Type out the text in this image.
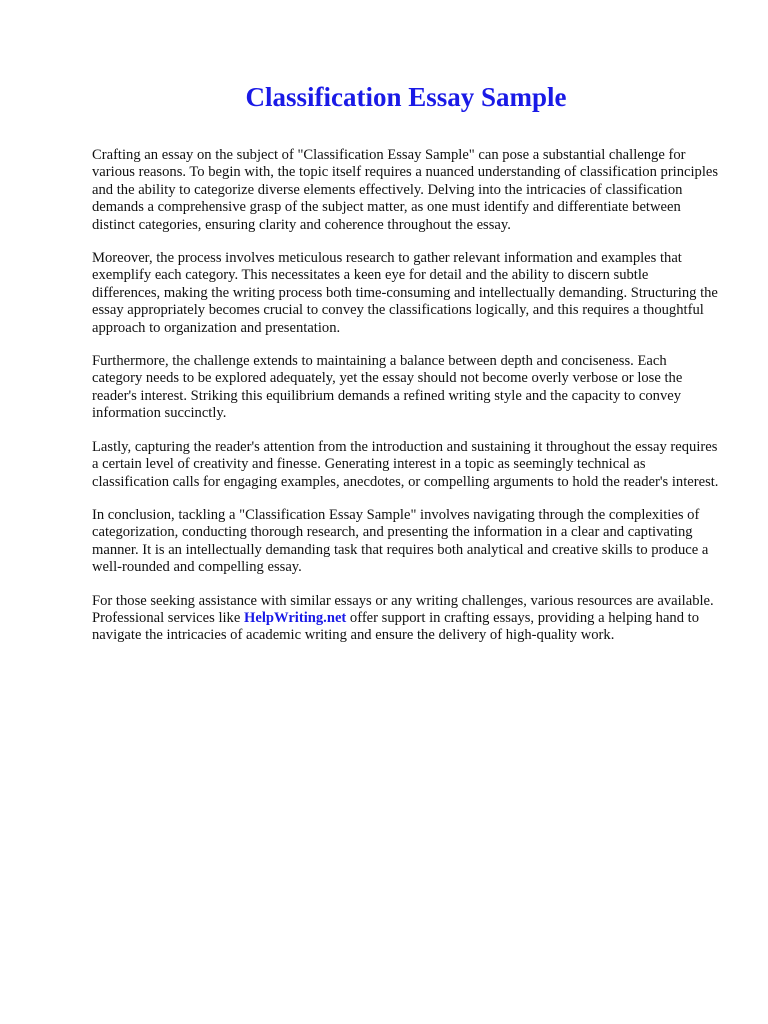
Classification Essay Sample

Crafting an essay on the subject of "Classification Essay Sample" can pose a substantial challenge for various reasons. To begin with, the topic itself requires a nuanced understanding of classification principles and the ability to categorize diverse elements effectively. Delving into the intricacies of classification demands a comprehensive grasp of the subject matter, as one must identify and differentiate between distinct categories, ensuring clarity and coherence throughout the essay.

Moreover, the process involves meticulous research to gather relevant information and examples that exemplify each category. This necessitates a keen eye for detail and the ability to discern subtle differences, making the writing process both time-consuming and intellectually demanding. Structuring the essay appropriately becomes crucial to convey the classifications logically, and this requires a thoughtful approach to organization and presentation.

Furthermore, the challenge extends to maintaining a balance between depth and conciseness. Each category needs to be explored adequately, yet the essay should not become overly verbose or lose the reader's interest. Striking this equilibrium demands a refined writing style and the capacity to convey information succinctly.

Lastly, capturing the reader's attention from the introduction and sustaining it throughout the essay requires a certain level of creativity and finesse. Generating interest in a topic as seemingly technical as classification calls for engaging examples, anecdotes, or compelling arguments to hold the reader's interest.

In conclusion, tackling a "Classification Essay Sample" involves navigating through the complexities of categorization, conducting thorough research, and presenting the information in a clear and captivating manner. It is an intellectually demanding task that requires both analytical and creative skills to produce a well-rounded and compelling essay.

For those seeking assistance with similar essays or any writing challenges, various resources are available. Professional services like HelpWriting.net offer support in crafting essays, providing a helping hand to navigate the intricacies of academic writing and ensure the delivery of high-quality work.
